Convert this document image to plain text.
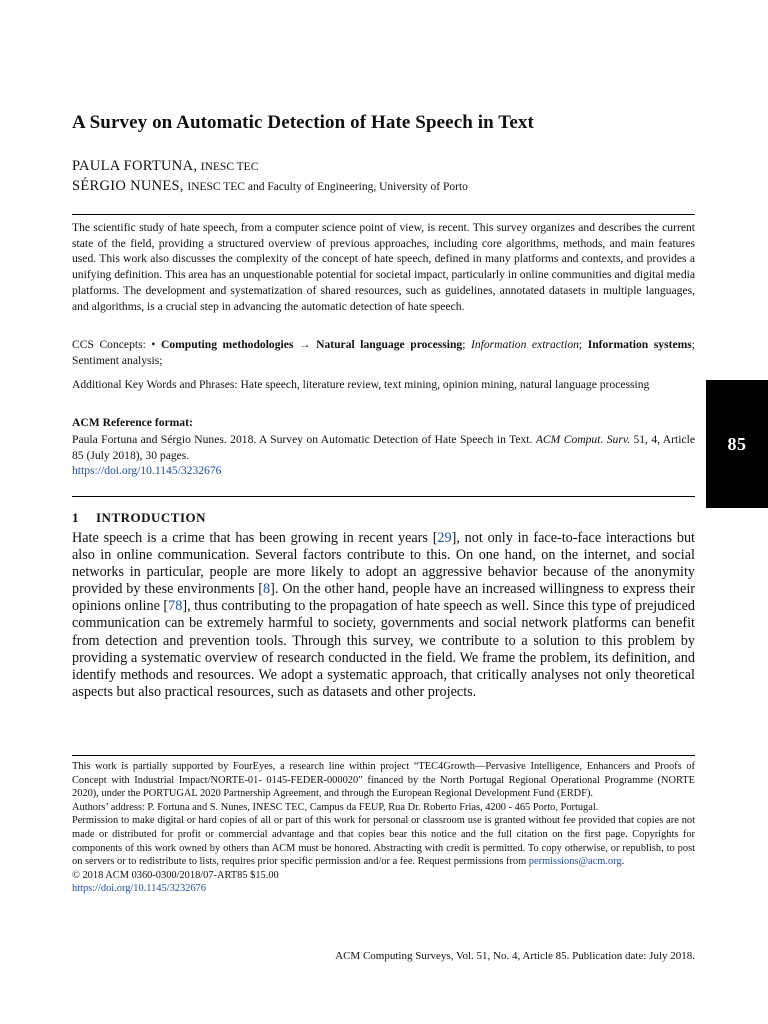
A Survey on Automatic Detection of Hate Speech in Text
PAULA FORTUNA, INESC TEC
SÉRGIO NUNES, INESC TEC and Faculty of Engineering, University of Porto
The scientific study of hate speech, from a computer science point of view, is recent. This survey organizes and describes the current state of the field, providing a structured overview of previous approaches, including core algorithms, methods, and main features used. This work also discusses the complexity of the concept of hate speech, defined in many platforms and contexts, and provides a unifying definition. This area has an unquestionable potential for societal impact, particularly in online communities and digital media platforms. The development and systematization of shared resources, such as guidelines, annotated datasets in multiple languages, and algorithms, is a crucial step in advancing the automatic detection of hate speech.
CCS Concepts: • Computing methodologies → Natural language processing; Information extraction; Information systems; Sentiment analysis;
Additional Key Words and Phrases: Hate speech, literature review, text mining, opinion mining, natural language processing
ACM Reference format:
Paula Fortuna and Sérgio Nunes. 2018. A Survey on Automatic Detection of Hate Speech in Text. ACM Comput. Surv. 51, 4, Article 85 (July 2018), 30 pages.
https://doi.org/10.1145/3232676
85
1 INTRODUCTION
Hate speech is a crime that has been growing in recent years [29], not only in face-to-face interactions but also in online communication. Several factors contribute to this. On one hand, on the internet, and social networks in particular, people are more likely to adopt an aggressive behavior because of the anonymity provided by these environments [8]. On the other hand, people have an increased willingness to express their opinions online [78], thus contributing to the propagation of hate speech as well. Since this type of prejudiced communication can be extremely harmful to society, governments and social network platforms can benefit from detection and prevention tools. Through this survey, we contribute to a solution to this problem by providing a systematic overview of research conducted in the field. We frame the problem, its definition, and identify methods and resources. We adopt a systematic approach, that critically analyses not only theoretical aspects but also practical resources, such as datasets and other projects.
This work is partially supported by FourEyes, a research line within project “TEC4Growth—Pervasive Intelligence, Enhancers and Proofs of Concept with Industrial Impact/NORTE-01- 0145-FEDER-000020” financed by the North Portugal Regional Operational Programme (NORTE 2020), under the PORTUGAL 2020 Partnership Agreement, and through the European Regional Development Fund (ERDF).
Authors’ address: P. Fortuna and S. Nunes, INESC TEC, Campus da FEUP, Rua Dr. Roberto Frias, 4200 - 465 Porto, Portugal.
Permission to make digital or hard copies of all or part of this work for personal or classroom use is granted without fee provided that copies are not made or distributed for profit or commercial advantage and that copies bear this notice and the full citation on the first page. Copyrights for components of this work owned by others than ACM must be honored. Abstracting with credit is permitted. To copy otherwise, or republish, to post on servers or to redistribute to lists, requires prior specific permission and/or a fee. Request permissions from permissions@acm.org.
© 2018 ACM 0360-0300/2018/07-ART85 $15.00
https://doi.org/10.1145/3232676
ACM Computing Surveys, Vol. 51, No. 4, Article 85. Publication date: July 2018.
